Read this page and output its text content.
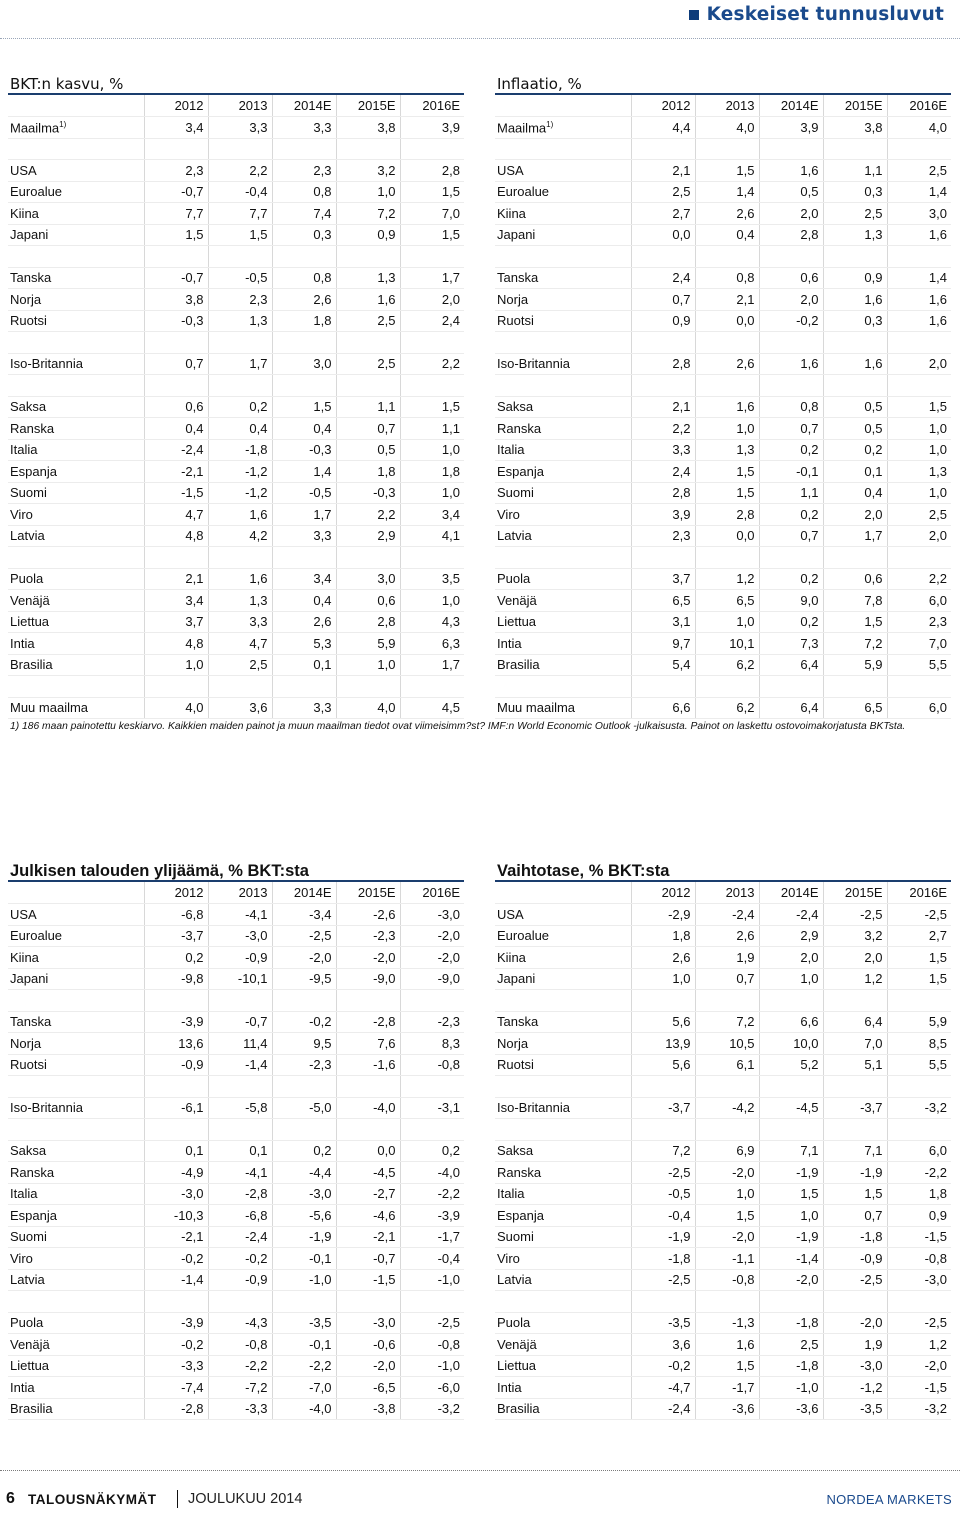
Keskeiset tunnusluvut
BKT:n kasvu, %
	2012	2013	2014E	2015E	2016E
Maailma$^{1)}$	3,4	3,3	3,3	3,8	3,9

USA	2,3	2,2	2,3	3,2	2,8
Euroalue	-0,7	-0,4	0,8	1,0	1,5
Kiina	7,7	7,7	7,4	7,2	7,0
Japani	1,5	1,5	0,3	0,9	1,5

Tanska	-0,7	-0,5	0,8	1,3	1,7
Norja	3,8	2,3	2,6	1,6	2,0
Ruotsi	-0,3	1,3	1,8	2,5	2,4

Iso-Britannia	0,7	1,7	3,0	2,5	2,2

Saksa	0,6	0,2	1,5	1,1	1,5
Ranska	0,4	0,4	0,4	0,7	1,1
Italia	-2,4	-1,8	-0,3	0,5	1,0
Espanja	-2,1	-1,2	1,4	1,8	1,8
Suomi	-1,5	-1,2	-0,5	-0,3	1,0
Viro	4,7	1,6	1,7	2,2	3,4
Latvia	4,8	4,2	3,3	2,9	4,1

Puola	2,1	1,6	3,4	3,0	3,5
Venäjä	3,4	1,3	0,4	0,6	1,0
Liettua	3,7	3,3	2,6	2,8	4,3
Intia	4,8	4,7	5,3	5,9	6,3
Brasilia	1,0	2,5	0,1	1,0	1,7

Muu maailma	4,0	3,6	3,3	4,0	4,5
Inflaatio, %
	2012	2013	2014E	2015E	2016E
Maailma$^{1)}$	4,4	4,0	3,9	3,8	4,0

USA	2,1	1,5	1,6	1,1	2,5
Euroalue	2,5	1,4	0,5	0,3	1,4
Kiina	2,7	2,6	2,0	2,5	3,0
Japani	0,0	0,4	2,8	1,3	1,6

Tanska	2,4	0,8	0,6	0,9	1,4
Norja	0,7	2,1	2,0	1,6	1,6
Ruotsi	0,9	0,0	-0,2	0,3	1,6

Iso-Britannia	2,8	2,6	1,6	1,6	2,0

Saksa	2,1	1,6	0,8	0,5	1,5
Ranska	2,2	1,0	0,7	0,5	1,0
Italia	3,3	1,3	0,2	0,2	1,0
Espanja	2,4	1,5	-0,1	0,1	1,3
Suomi	2,8	1,5	1,1	0,4	1,0
Viro	3,9	2,8	0,2	2,0	2,5
Latvia	2,3	0,0	0,7	1,7	2,0

Puola	3,7	1,2	0,2	0,6	2,2
Venäjä	6,5	6,5	9,0	7,8	6,0
Liettua	3,1	1,0	0,2	1,5	2,3
Intia	9,7	10,1	7,3	7,2	7,0
Brasilia	5,4	6,2	6,4	5,9	5,5

Muu maailma	6,6	6,2	6,4	6,5	6,0
Julkisen talouden ylijäämä, % BKT:sta
	2012	2013	2014E	2015E	2016E
USA	-6,8	-4,1	-3,4	-2,6	-3,0
Euroalue	-3,7	-3,0	-2,5	-2,3	-2,0
Kiina	0,2	-0,9	-2,0	-2,0	-2,0
Japani	-9,8	-10,1	-9,5	-9,0	-9,0

Tanska	-3,9	-0,7	-0,2	-2,8	-2,3
Norja	13,6	11,4	9,5	7,6	8,3
Ruotsi	-0,9	-1,4	-2,3	-1,6	-0,8

Iso-Britannia	-6,1	-5,8	-5,0	-4,0	-3,1

Saksa	0,1	0,1	0,2	0,0	0,2
Ranska	-4,9	-4,1	-4,4	-4,5	-4,0
Italia	-3,0	-2,8	-3,0	-2,7	-2,2
Espanja	-10,3	-6,8	-5,6	-4,6	-3,9
Suomi	-2,1	-2,4	-1,9	-2,1	-1,7
Viro	-0,2	-0,2	-0,1	-0,7	-0,4
Latvia	-1,4	-0,9	-1,0	-1,5	-1,0

Puola	-3,9	-4,3	-3,5	-3,0	-2,5
Venäjä	-0,2	-0,8	-0,1	-0,6	-0,8
Liettua	-3,3	-2,2	-2,2	-2,0	-1,0
Intia	-7,4	-7,2	-7,0	-6,5	-6,0
Brasilia	-2,8	-3,3	-4,0	-3,8	-3,2
Vaihtotase, % BKT:sta
	2012	2013	2014E	2015E	2016E
USA	-2,9	-2,4	-2,4	-2,5	-2,5
Euroalue	1,8	2,6	2,9	3,2	2,7
Kiina	2,6	1,9	2,0	2,0	1,5
Japani	1,0	0,7	1,0	1,2	1,5

Tanska	5,6	7,2	6,6	6,4	5,9
Norja	13,9	10,5	10,0	7,0	8,5
Ruotsi	5,6	6,1	5,2	5,1	5,5

Iso-Britannia	-3,7	-4,2	-4,5	-3,7	-3,2

Saksa	7,2	6,9	7,1	7,1	6,0
Ranska	-2,5	-2,0	-1,9	-1,9	-2,2
Italia	-0,5	1,0	1,5	1,5	1,8
Espanja	-0,4	1,5	1,0	0,7	0,9
Suomi	-1,9	-2,0	-1,9	-1,8	-1,5
Viro	-1,8	-1,1	-1,4	-0,9	-0,8
Latvia	-2,5	-0,8	-2,0	-2,5	-3,0

Puola	-3,5	-1,3	-1,8	-2,0	-2,5
Venäjä	3,6	1,6	2,5	1,9	1,2
Liettua	-0,2	1,5	-1,8	-3,0	-2,0
Intia	-4,7	-1,7	-1,0	-1,2	-1,5
Brasilia	-2,4	-3,6	-3,6	-3,5	-3,2
1) 186 maan painotettu keskiarvo. Kaikkien maiden painot ja muun maailman tiedot ovat viimeisimm?st? IMF:n World Economic Outlook -julkaisusta. Painot on laskettu ostovoimakorjatusta BKTsta.
6 TALOUSNÄKYMÄT JOULUKUU 2014	NORDEA MARKETS
